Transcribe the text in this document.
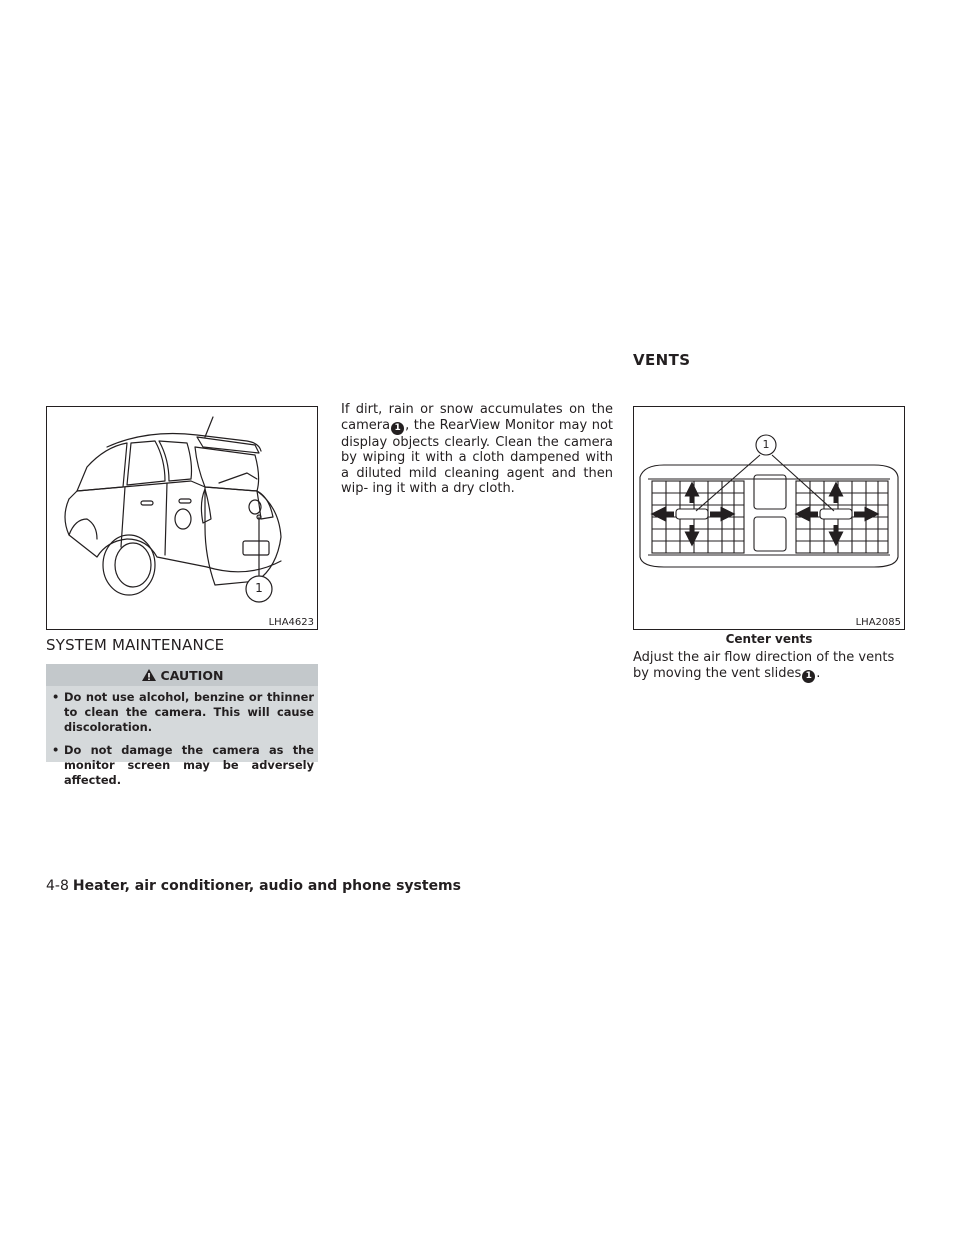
VENTS
1
LHA4623
SYSTEM MAINTENANCE
CAUTION
• Do not use alcohol, benzine or thinner to clean the camera. This will cause discoloration.
• Do not damage the camera as the monitor screen may be adversely affected.
If dirt, rain or snow accumulates on the camera 1 , the RearView Monitor may not display objects clearly. Clean the camera by wiping it with a cloth dampened with a diluted mild cleaning agent and then wip- ing it with a dry cloth.
1
LHA2085
Center vents
Adjust the air flow direction of the vents by moving the vent slides 1 .
4-8 Heater, air conditioner, audio and phone systems
